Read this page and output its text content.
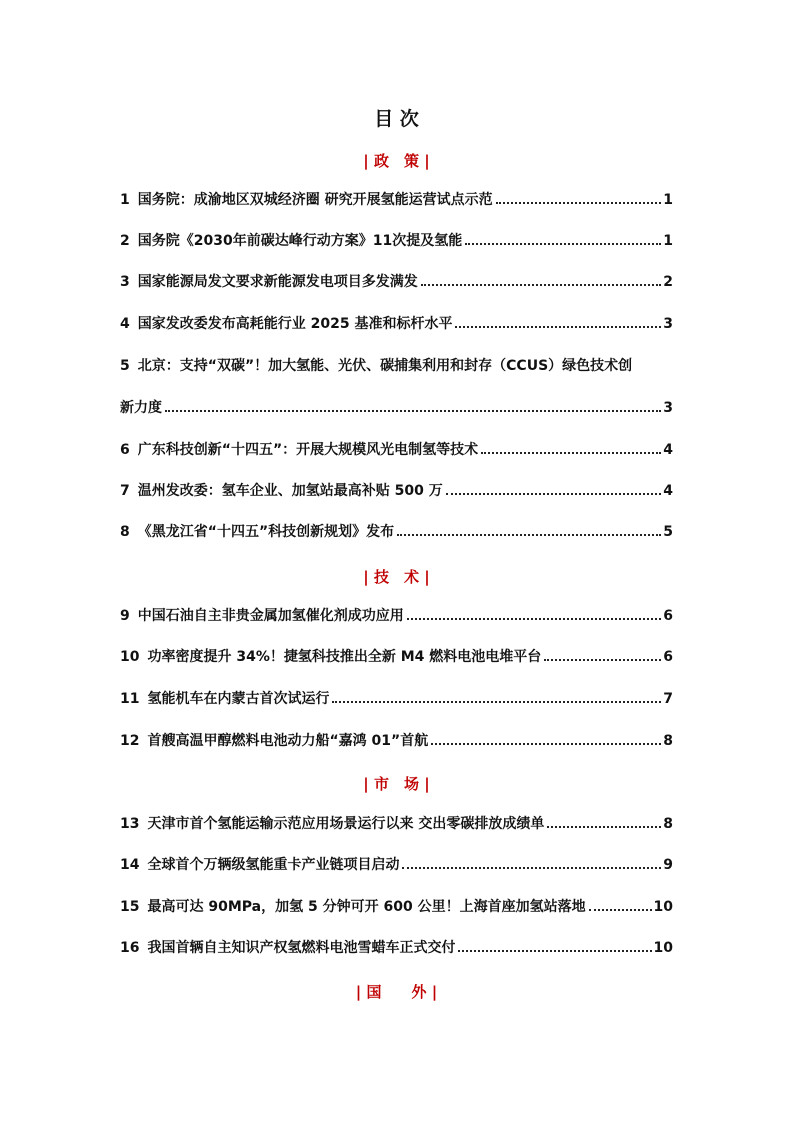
目 次
| 政　策 |
1 国务院：成渝地区双城经济圈 研究开展氢能运营试点示范	1
2 国务院《2030年前碳达峰行动方案》11次提及氢能	1
3 国家能源局发文要求新能源发电项目多发满发	2
4 国家发改委发布高耗能行业 2025 基准和标杆水平	3
5 北京：支持“双碳”！加大氢能、光伏、碳捕集利用和封存（CCUS）绿色技术创
新力度	3
6 广东科技创新“十四五”：开展大规模风光电制氢等技术	4
7 温州发改委：氢车企业、加氢站最高补贴 500 万	4
8 《黑龙江省“十四五”科技创新规划》发布	5
| 技　术 |
9 中国石油自主非贵金属加氢催化剂成功应用	6
10 功率密度提升 34%！捷氢科技推出全新 M4 燃料电池电堆平台	6
11 氢能机车在内蒙古首次试运行	7
12 首艘高温甲醇燃料电池动力船“嘉鸿 01”首航	8
| 市　场 |
13 天津市首个氢能运输示范应用场景运行以来 交出零碳排放成绩单	8
14 全球首个万辆级氢能重卡产业链项目启动	9
15 最高可达 90MPa，加氢 5 分钟可开 600 公里！上海首座加氢站落地	10
16 我国首辆自主知识产权氢燃料电池雪蜡车正式交付	10
| 国　　外 |
